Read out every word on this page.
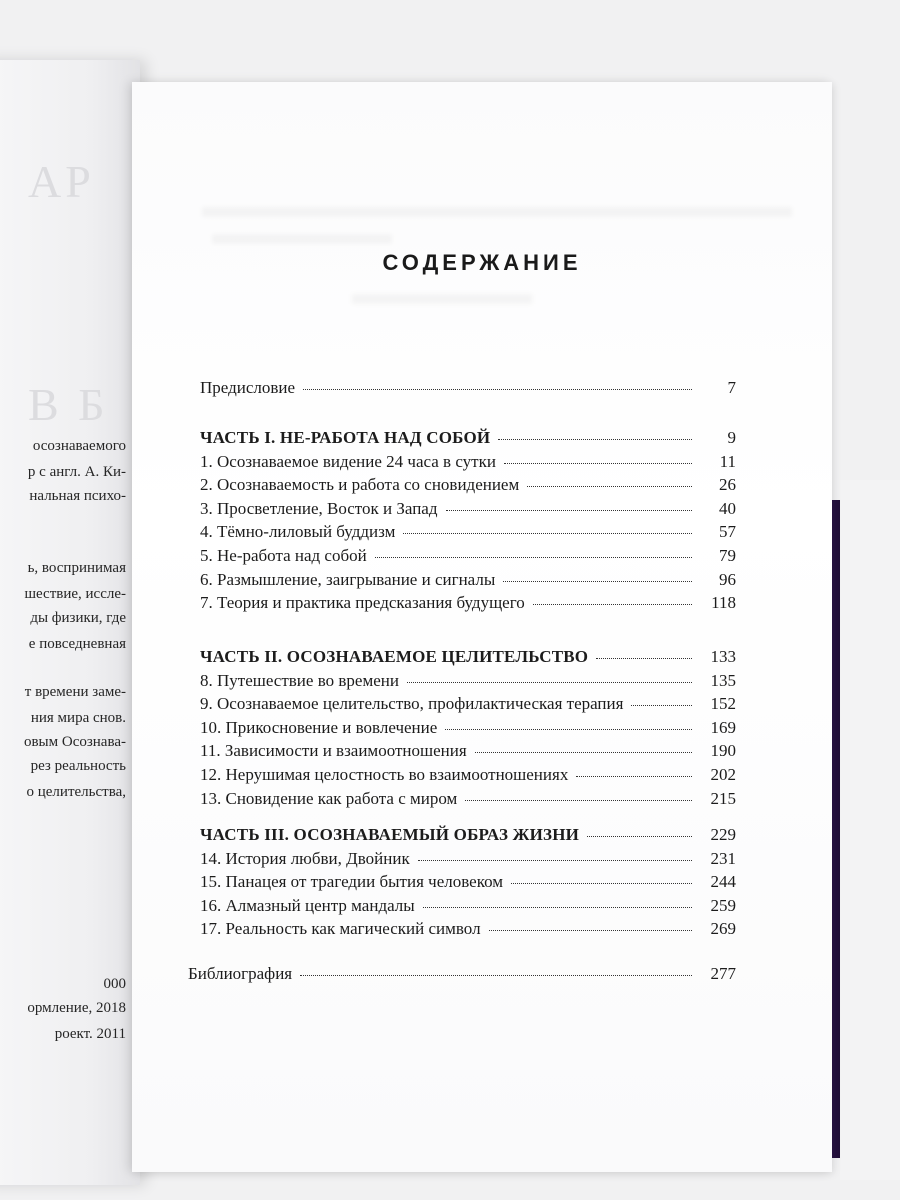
АР
В Б
осознаваемого
р с англ. А. Ки-
нальная психо-
ь, воспринимая
шествие, иссле-
ды физики, где
е повседневная
т времени заме-
ния мира снов.
овым Осознава-
рез реальность
о целительства,
000
ормление, 2018
роект. 2011
СОДЕРЖАНИЕ
Предисловие	7
ЧАСТЬ I. НЕ-РАБОТА НАД СОБОЙ	9
1. Осознаваемое видение 24 часа в сутки	11
2. Осознаваемость и работа со сновидением	26
3. Просветление, Восток и Запад	40
4. Тёмно-лиловый буддизм	57
5. Не-работа над собой	79
6. Размышление, заигрывание и сигналы	96
7. Теория и практика предсказания будущего	118
ЧАСТЬ II. ОСОЗНАВАЕМОЕ ЦЕЛИТЕЛЬСТВО	133
8. Путешествие во времени	135
9. Осознаваемое целительство, профилактическая терапия	152
10. Прикосновение и вовлечение	169
11. Зависимости и взаимоотношения	190
12. Нерушимая целостность во взаимоотношениях	202
13. Сновидение как работа с миром	215
ЧАСТЬ III. ОСОЗНАВАЕМЫЙ ОБРАЗ ЖИЗНИ	229
14. История любви, Двойник	231
15. Панацея от трагедии бытия человеком	244
16. Алмазный центр мандалы	259
17. Реальность как магический символ	269
Библиография	277
